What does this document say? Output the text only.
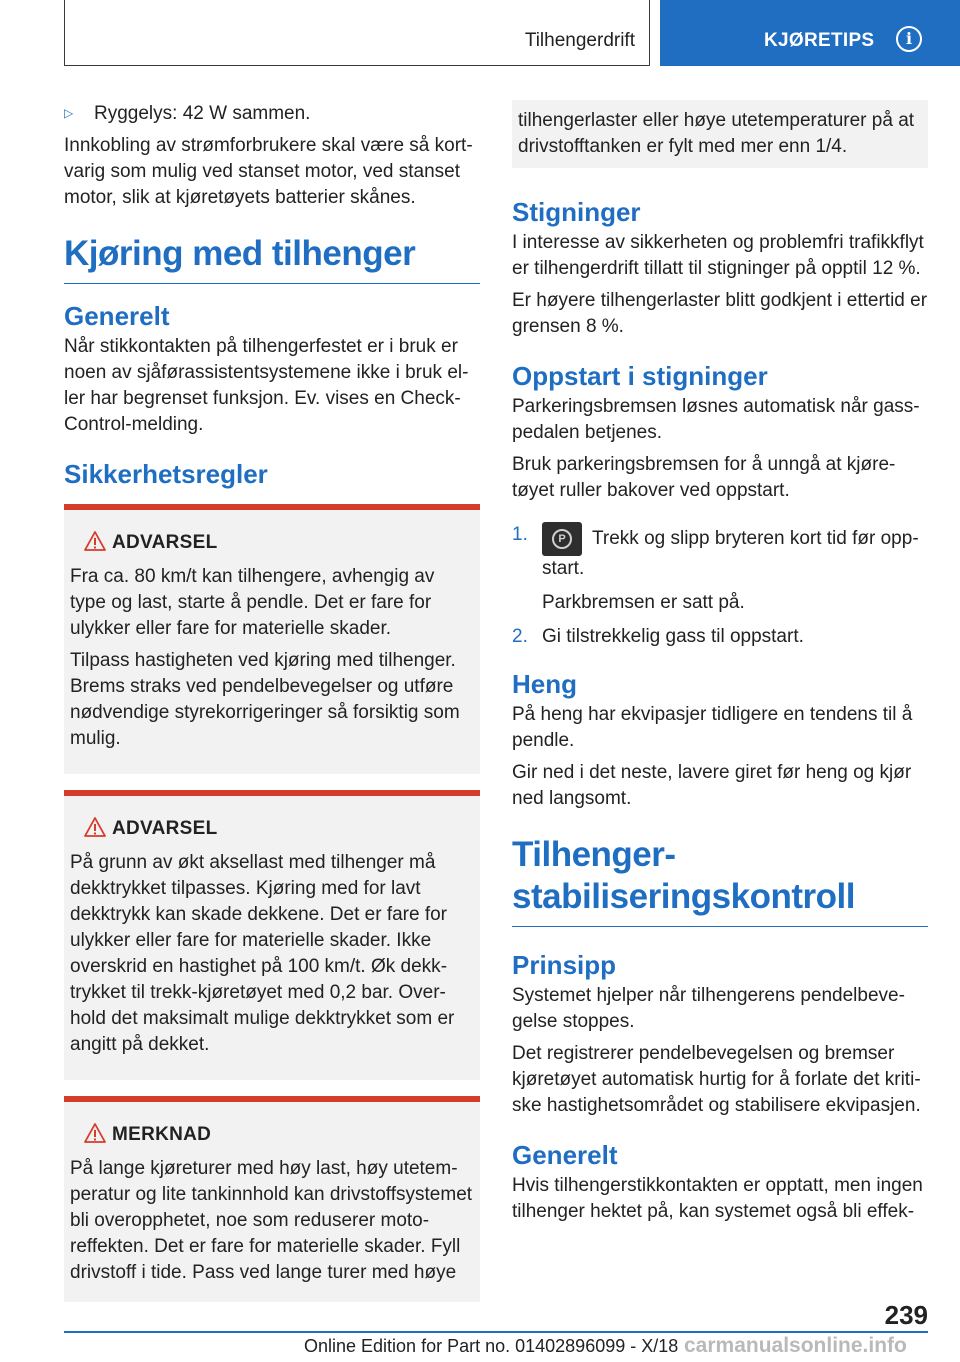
Tilhengerdrift	KJØRETIPS	i
▷ Ryggelys: 42 W sammen.

Innkobling av strømforbrukere skal være så kortvarig som mulig ved stanset motor, ved stanset motor, slik at kjøretøyets batterier skånes.

Kjøring med tilhenger
Generelt

Når stikkontakten på tilhengerfestet er i bruk er noen av sjåførassistentsystemene ikke i bruk eller har begrenset funksjon. Ev. vises en Check-Control-melding.

Sikkerhetsregler
ADVARSEL

Fra ca. 80 km/t kan tilhengere, avhengig av type og last, starte å pendle. Det er fare for ulykker eller fare for materielle skader.

Tilpass hastigheten ved kjøring med tilhenger. Brems straks ved pendelbevegelser og utføre nødvendige styrekorrigeringer så forsiktig som mulig.

ADVARSEL

På grunn av økt aksellast med tilhenger må dekktrykket tilpasses. Kjøring med for lavt dekktrykk kan skade dekkene. Det er fare for ulykker eller fare for materielle skader. Ikke overskrid en hastighet på 100 km/t. Øk dekktrykket til trekk-kjøretøyet med 0,2 bar. Overhold det maksimalt mulige dekktrykket som er angitt på dekket.

MERKNAD

På lange kjøreturer med høy last, høy utetemperatur og lite tankinnhold kan drivstoffsystemet bli overopphetet, noe som reduserer motoreffekten. Det er fare for materielle skader. Fyll drivstoff i tide. Pass ved lange turer med høye

tilhengerlaster eller høye utetemperaturer på at drivstofftanken er fylt med mer enn 1/4.

Stigninger

I interesse av sikkerheten og problemfri trafikkflyt er tilhengerdrift tillatt til stigninger på opptil 12 %.

Er høyere tilhengerlaster blitt godkjent i ettertid er grensen 8 %.

Oppstart i stigninger

Parkeringsbremsen løsnes automatisk når gasspedalen betjenes.

Bruk parkeringsbremsen for å unngå at kjøretøyet ruller bakover ved oppstart.

1.	P	Trekk og slipp bryteren kort tid før oppstart.
Parkbremsen er satt på.
2. Gi tilstrekkelig gass til oppstart.
Heng

På heng har ekvipasjer tidligere en tendens til å pendle.

Gir ned i det neste, lavere giret før heng og kjør ned langsomt.

Tilhenger-
stabiliseringskontroll
Prinsipp

Systemet hjelper når tilhengerens pendelbevegelse stoppes.

Det registrerer pendelbevegelsen og bremser kjøretøyet automatisk hurtig for å forlate det kritiske hastighetsområdet og stabilisere ekvipasjen.

Generelt

Hvis tilhengerstikkontakten er opptatt, men ingen tilhenger hektet på, kan systemet også bli effek-

239
Online Edition for Part no. 01402896099 - X/18 carmanualsonline.info
